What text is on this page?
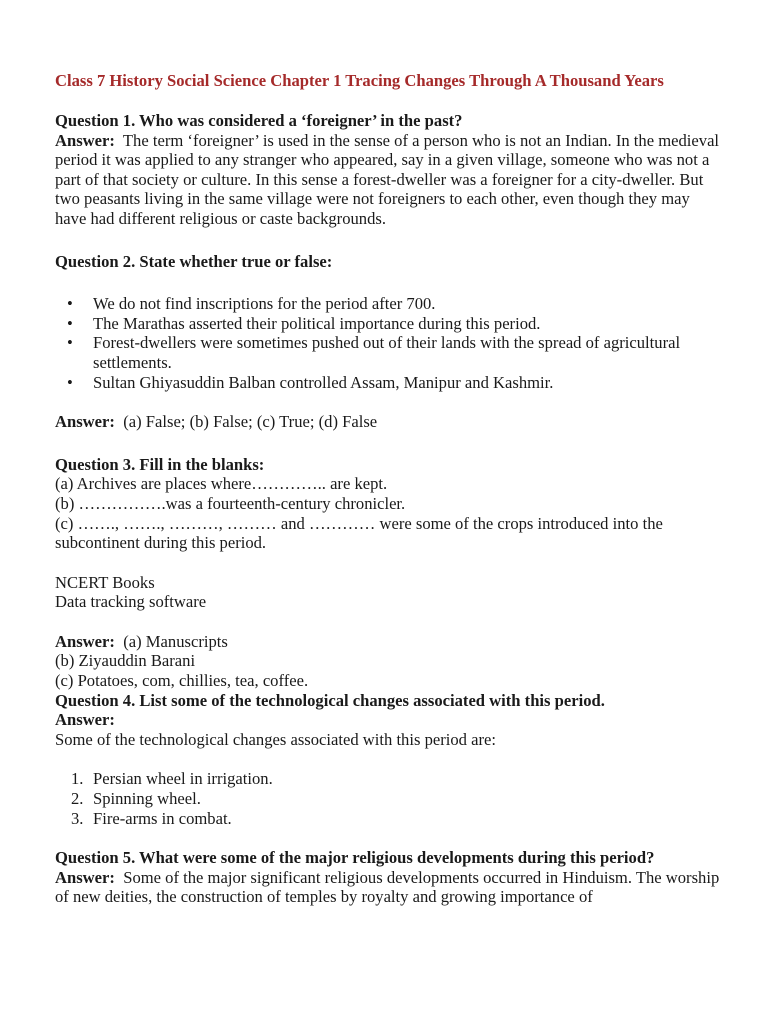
Class 7 History Social Science Chapter 1 Tracing Changes Through A Thousand Years

Question 1. Who was considered a ‘foreigner’ in the past?

Answer: The term ‘foreigner’ is used in the sense of a person who is not an Indian. In the medieval period it was applied to any stranger who appeared, say in a given village, someone who was not a part of that society or culture. In this sense a forest-dweller was a foreigner for a city-dweller. But two peasants living in the same village were not foreigners to each other, even though they may have had different religious or caste backgrounds.

Question 2. State whether true or false:

• We do not find inscriptions for the period after 700.
• The Marathas asserted their political importance during this period.
• Forest-dwellers were sometimes pushed out of their lands with the spread of agricultural settlements.
• Sultan Ghiyasuddin Balban controlled Assam, Manipur and Kashmir.

Answer: (a) False; (b) False; (c) True; (d) False

Question 3. Fill in the blanks:

(a) Archives are places where………….. are kept.

(b) …………….was a fourteenth-century chronicler.

(c) ……., ……., ………, ……… and ………… were some of the crops introduced into the subcontinent during this period.

NCERT Books

Data tracking software

Answer: (a) Manuscripts

(b) Ziyauddin Barani

(c) Potatoes, com, chillies, tea, coffee.

Question 4. List some of the technological changes associated with this period.

Answer:

Some of the technological changes associated with this period are:

1. Persian wheel in irrigation.
2. Spinning wheel.
3. Fire-arms in combat.

Question 5. What were some of the major religious developments during this period?

Answer: Some of the major significant religious developments occurred in Hinduism. The worship of new deities, the construction of temples by royalty and growing importance of
